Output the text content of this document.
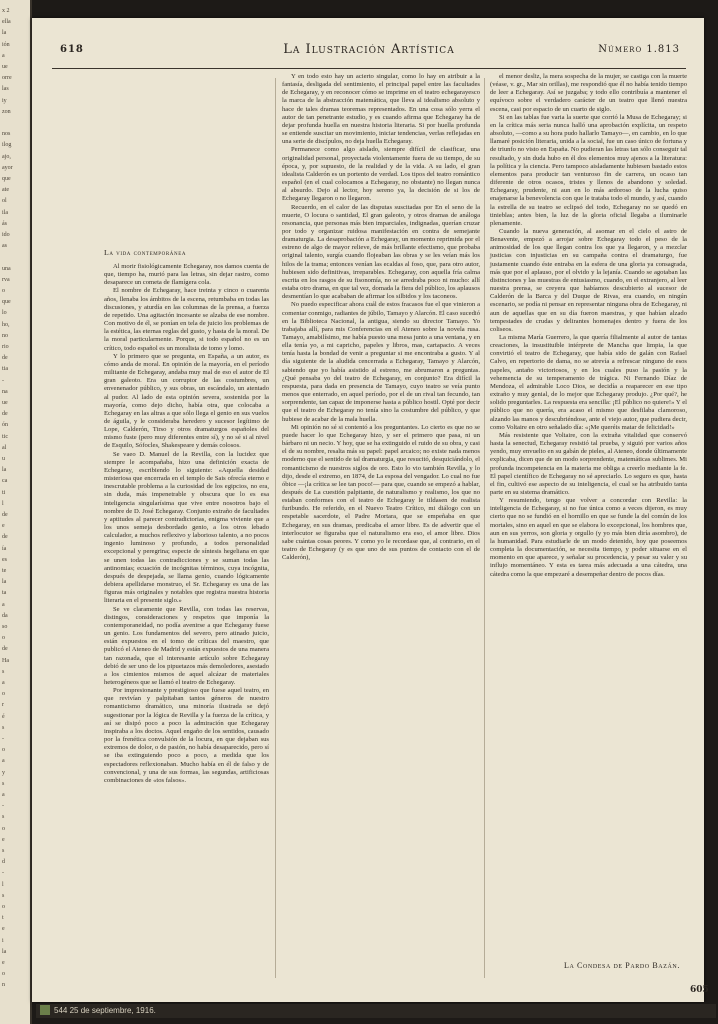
x 2
ella
la
ión
a
ue
orre
las
iy
zon
nos
ilog
ajo,
ayor
que
ate
ol
ila
ás
ido
as
una
rva
o
que
lo
ho,
no
rio
de
tia
-
na
ue
de
ón
tic
al
u
la
ca
ti
l
de
e
de
ía
es
te
la
ta
a
da
so
o
de
Ha
s
a
o
r
é
s
-
o
a
y
s
a
-
s
o
e
s
d
-
l
s
o
t
e
i
la
e
o
n
618	La Ilustración Artística	Número 1.813
La vida contemporánea

Al morir fisiológicamente Echegaray, nos damos cuenta de que, tiempo ha, murió para las letras, sin dejar rastro, como desaparece un cometa de flamígera cola.

El nombre de Echegaray, hace treinta y cinco o cuarenta años, llenaba los ámbitos de la escena, retumbaba en todas las discusiones, y aturdía en las columnas de la prensa, a fuerza de repetido. Una agitación incesante se alzaba de ese nombre. Con motivo de él, se ponían en tela de juicio los problemas de la estética, las eternas reglas del gusto, y hasta de la moral. De la moral particularmente. Porque, si todo español no es un crítico, todo español es un moralista de tomo y lomo.

Y lo primero que se pregunta, en España, a un autor, es cómo anda de moral. En opinión de la mayoría, en el período militante de Echegaray, andaba muy mal de eso el autor de El gran galeoto. Era un corruptor de las costumbres, un envenenador público, y sus obras, un escándalo, un atentado al pudor. Al lado de esta opinión severa, sostenida por la mayoría, como dejo dicho, había otra, que colocaba a Echegaray en las altras a que sólo llega el genio en sus vuelos de águila, y le consideraba heredero y sucesor legítimo de Lope, Calderón, Tirso y otros dramaturgos españoles del mismo fuste (pero muy diferentes entre sí), y no sé si al nivel de Esquilo, Sófocles, Shakespeare y demás colosos.

Se vaeo D. Manuel de la Revilla, con la lucidez que siempre le acompañaba, hizo una definición exacta de Echegaray, escribiendo lo siguiente: «Aquella desidad misteriosa que encerrada en el templo de Sais ofrecía eterno e inescrutable problema a la curiosidad de los egipcios, no era, sin duda, más impenetrable y obscura que lo es esa inteligencia singularísima que vive entre nosotros bajo el nombre de D. José Echegaray. Conjunto extraño de facultades y aptitudes al parecer contradictorias, enigma viviente que a los unos semeja desbordado genio, a los otros lebado calculador, a muchos reflexivo y laborioso talento, a no pocos ingenio luminoso y profundo, a todos personalidad excepcional y peregrina; especie de síntesis hegeliana en que se unen todas las contradicciones y se suman todas las antinomias; ecuación de incógnitas términos, cuya incógnita, después de despejada, se llama genio, cuando lógicamente debiera apellidarse monstruo, el Sr. Echegaray es una de las figuras más originales y notables que registra nuestra historia literaria en el presente siglo.»

Se ve claramente que Revilla, con todas las reservas, distingos, consideraciones y respetos que imponía la contemporaneidad, no podía avenirse a que Echegaray fuese un genio. Los fundamentos del severo, pero atinado juicio, están expuestos en el tomo de críticas del maestro, que publicó el Ateneo de Madrid y están expuestos de una manera tan razonada, que el interesante artículo sobre Echegaray debió de ser uno de los pipuetazos más demoledores, asestado a los cimientos mismos de aquel alcázar de materiales heterogéneos que se llamó el teatro de Echegaray.

Por impresionante y prestigioso que fuese aquel teatro, en que revivían y palpitaban tantos géneros de nuestro romanticismo dramático, una minoría ilustrada se dejó sugestionar por la lógica de Revilla y la fuerza de la crítica, y así se disipó poco a poco la admiración que Echegaray inspiraba a los doctos. Aquel engaño de los sentidos, causado por la frenética convulsión de la locura, en que dejaban sus extremos de dolor, o de pasión, no había desaparecido, pero sí se iba extinguiendo poco a poco, a medida que los espectadores reflexionaban. Mucho había en él de falso y de convencional, y una de sus formas, las segundas, artificiosas combinaciones de «tos falsos».

Y en todo esto hay un acierto singular, como lo hay en atribuir a la fantasía, desligada del sentimiento, el principal papel entre las facultades de Echegaray, y en reconocer cómo se imprime en el teatro echegarayesco la marca de la abstracción matemática, que lleva al idealismo absoluto y hace de tales dramas teoremas representados. En una cosa sólo yerra el autor de tan penetrante estudio, y es cuando afirma que Echegaray ha de dejar profunda huella en nuestra historia literaria. Si por huella profunda se entiende suscitar un movimiento, iniciar tendencias, verlas reflejadas en una serie de discípulos, no deja huella Echegaray.

Permanece como algo aislado, siempre difícil de clasificar, una originalidad personal, proyectada violentamente fuera de su tiempo, de su época, y, por supuesto, de la realidad y de la vida. A su lado, el gran idealista Calderón es un portento de verdad. Los tipos del teatro romántico español (en el cual colocamos a Echegaray, no obstante) no llegan nunca al absurdo. Dejo al lector, hoy sereno ya, la decisión de si los de Echegaray llegaron o no llegaron.

Recuerdo, en el calor de las disputas suscitadas por En el seno de la muerte, O locura o santidad, El gran galeoto, y otros dramas de análoga resonancia, que personas más bien imparciales, indignadas, querían cruzar por todo y organizar ruidosa manifestación en contra de semejante dramaturgia. La desaprobación a Echegaray, un momento reprimida por el estreno de algo de mayor relieve, de más brillante efectismo, que probaba original talento, surgía cuando flojeaban las obras y se les veían más los hilos de la trama; entonces venían las ecaldas al foso, que, para otro autor, hubiesen sido definitivas, irreparables. Echegaray, con aquella fría calma escrita en los rasgos de su fisonomía, no se arredraba poco ni mucho: allí estaba otro drama, en que tal vez, domada la fiera del público, los aplausos desmentían lo que acababan de afirmar los silbidos y los taconeos.

No puedo especificar ahora cuál de estos fracasos fue el que vinieron a comentar conmigo, radiantes de júbilo, Tamayo y Alarcón. El caso sucedió en la Biblioteca Nacional, la antigua, siendo su director Tamayo. Yo trabajaba allí, para mis Conferencias en el Ateneo sobre la novela rusa. Tamayo, amabilísimo, me había puesto una mesa junto a una ventana, y en ella tenía yo, a mi capricho, papeles y libros, mas, cartapacio. A veces tenía hasta la bondad de venir a preguntar si me encontraba a gusto. Y al día siguiente de la aludida cencerrada a Echegaray, Tamayo y Alarcón, sabiendo que yo había asistido al estreno, me abrumaron a preguntas. ¿Qué pensaba yo del teatro de Echegaray, en conjunto? Era difícil la respuesta, para dada en presencia de Tamayo, cuyo teatro se veía punto menos que enterrado, en aquel período, por el de un rival tan fecundo, tan sorprendente, tan capaz de imponerse hasta a público hostil. Opté por decir que el teatro de Echegaray no tenía sino la costumbre del público, y que hubiese de acabar de la mala huella.

Mi opinión no sé si contentó a los preguntantes. Lo cierto es que no se puede hacer lo que Echegaray hizo, y ser el primero que pasa, ni un bárbaro ni un necio. Y hoy, que se ha extinguido el ruido de su obra, y casi el de su nombre, resalta más su papel: papel arcaico; no existe nada menos moderno que el sentido de tal dramaturgia, que resucitó, desquiciándolo, el romanticismo de nuestros siglos de oro. Esto lo vio también Revilla, y lo dijo, desde el extremo, en 1874, de La esposa del vengador. Lo cual no fue óbice —¡la crítica se lee tan poco!— para que, cuando se empezó a hablar, después de La cuestión palpitante, de naturalismo y realismo, los que no estaban conformes con el teatro de Echegaray le tildasen de realista furibundo. He referido, en el Nuevo Teatro Crítico, mi diálogo con un respetable sacerdote, el Padre Mortara, que se empeñaba en que Echegaray, en sus dramas, predicaba el amor libre. Es de advertir que el interlocutor se figuraba que el naturalismo era eso, el amor libre. Dios sabe cuántas cosas peores. Y como yo le recordase que, al contrario, en el teatro de Echegaray (y es que uno de sus puntos de contacto con el de Calderón),

el menor desliz, la mera sospecha de la mujer, se castiga con la muerte (véase, v. gr., Mar sin orillas), me respondió que él no había tenido tiempo de leer a Echegaray. Así se juzgaba; y todo ello contribuía a mantener el equívoco sobre el verdadero carácter de un teatro que llenó nuestra escena, casi por espacio de un cuarto de siglo.

Si en las tablas fue varia la suerte que corrió la Musa de Echegaray; si en la crítica más seria nunca halló una aprobación explícita, un respeto absoluto, —como a su hora pudo hallarlo Tamayo—, en cambio, en lo que llamaré posición literaria, unida a la social, fue un caso único de fortuna y de triunfo no visto en España. No pudieran las letras tan sólo conseguir tal resultado, y sin duda hubo en él dos elementos muy ajenos a la literatura: la política y la ciencia. Pero tampoco aisladamente hubiesen bastado estos elementos para producir tan venturoso fin de carrera, un ocaso tan diferente de otros ocasos, tristes y llenos de abandono y soledad. Echegaray, prudente, ni aun en lo más ardoroso de la lucha quiso enajenarse la benevolencia con que le trataba todo el mundo, y así, cuando la estrella de su teatro se eclipsó del todo, Echegaray no se quedó en tinieblas; antes bien, la luz de la gloria oficial llegaba a iluminarle plenamente.

Cuando la nueva generación, al asomar en el cielo el astro de Benavente, empezó a arrojar sobre Echegaray todo el peso de la animosidad de los que llegan contra los que ya llegaron, y a mezclar justicias con injusticias en su campaña contra el dramaturgo, fue justamente cuando éste entraba en la esfera de una gloria ya consagrada, más que por el aplauso, por el olvido y la lejanía. Cuando se agotaban las distinciones y las muestras de entusiasmo, cuando, en el extranjero, al leer nuestra prensa, se creyera que habíamos descubierto al sucesor de Calderón de la Barca y del Duque de Rivas, era cuando, en ningún escenario, se podía ni pensar en representar ninguna obra de Echegaray, ni aun de aquellas que en su día fueron maestras, y que habían alzado tempestades de crudas y delirantes homenajes dentro y fuera de los coliseos.

La misma María Guerrero, la que quería filialmente al autor de tantas creaciones, la insustituible intérprete de Mancha que limpia, la que convirtió el teatro de Echegaray, que había sido de galán con Rafael Calvo, en repertorio de dama, no se atrevía a refrescar ninguno de esos papeles, antaño victoriosos, y en los cuales puso la pasión y la vehemencia de su temperamento de trágica. Ni Fernando Díaz de Mendoza, el admirable Loco Dios, se decidía a reaparecer en ese tipo extraño y muy genial, de lo mejor que Echegaray produjo. ¿Por qué?, he solido preguntarles. La respuesta era sencilla: ¡El público no quiere!» Y el público que no quería, era acaso el mismo que desfilaba clamoroso, alzando las manos y descubriéndose, ante el viejo autor, que pudiera decir, como Voltaire en otro señalado día: «¡Me queréis matar de felicidad!»

Más resistente que Voltaire, con la extraña vitalidad que conservó hasta la senectud, Echegaray resistió tal prueba, y siguió por varios años yendo, muy envuelto en su gabán de pieles, al Ateneo, donde últimamente explicaba, dicen que de un modo sorprendente, matemáticas sublimes. Mi profunda incompetencia en la materia me obliga a creerlo mediante la fe. El papel científico de Echegaray no sé apreciarlo. Lo seguro es que, hasta el fin, cultivó ese aspecto de su inteligencia, el cual se ha atribuido tanta parte en su sistema dramático.

Y resumiendo, tengo que volver a concordar con Revilla: la inteligencia de Echegaray, si no fue única como a veces dijeron, es muy cierto que no se fundió en el hornillo en que se funde la del común de los mortales, sino en aquel en que se elabora lo excepcional, los hombres que, aun en sus yerros, son gloria y orgullo (y yo más bien diría asombro), de la humanidad. Para estudiarle de un modo detenido, hoy que poseemos completa la documentación, se necesita tiempo, y poder situarse en el momento en que aparece, y señalar su procedencia, y pesar su valer y su influjo momentáneo. Y esta es tarea más adecuada a una cátedra, una cátedra como la que empezaré a desempeñar dentro de pocos días.

La Condesa de Pardo Bazán.
605
544 25 de septiembre, 1916.
